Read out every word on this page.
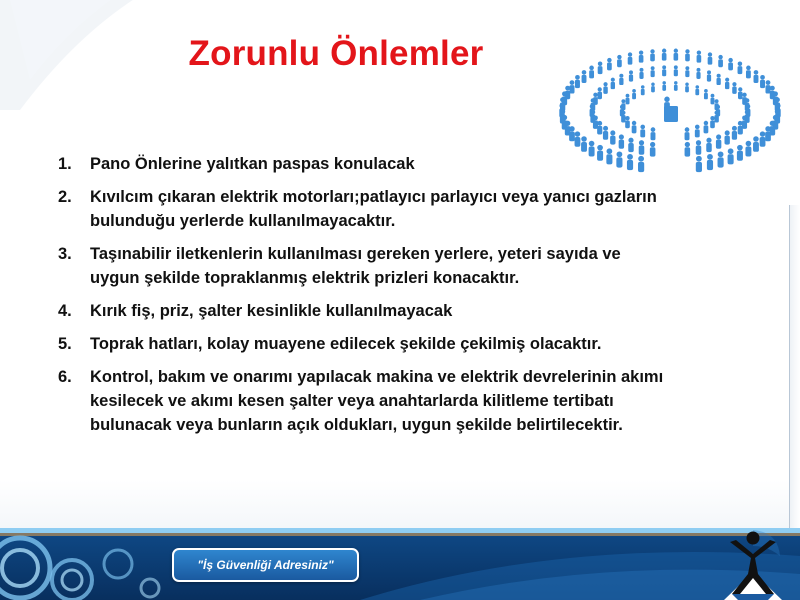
Zorunlu Önlemler
1. Pano Önlerine yalıtkan paspas konulacak
2. Kıvılcım çıkaran elektrik motorları;patlayıcı parlayıcı veya yanıcı gazların bulunduğu yerlerde kullanılmayacaktır.
3. Taşınabilir iletkenlerin kullanılması gereken yerlere, yeteri sayıda ve uygun şekilde topraklanmış elektrik prizleri konacaktır.
4. Kırık fiş, priz, şalter kesinlikle kullanılmayacak
5. Toprak hatları, kolay muayene edilecek şekilde çekilmiş olacaktır.
6. Kontrol, bakım ve onarımı yapılacak makina ve elektrik devrelerinin akımı kesilecek ve akımı kesen şalter veya anahtarlarda kilitleme tertibatı bulunacak veya bunların açık oldukları, uygun şekilde belirtilecektir.
"İş Güvenliği Adresiniz"
